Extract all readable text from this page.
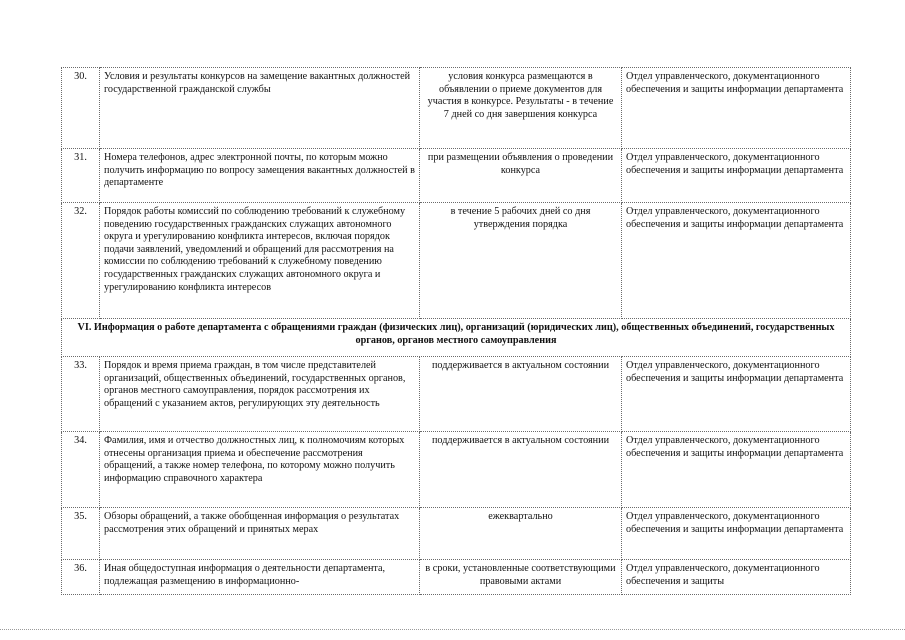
30.	Условия и результаты конкурсов на замещение вакантных должностей государственной гражданской службы	условия конкурса размещаются в объявлении о приеме документов для участия в конкурсе. Результаты - в течение 7 дней со дня завершения конкурса	Отдел управленческого, документационного обеспечения и защиты информации департамента
31.	Номера телефонов, адрес электронной почты, по которым можно получить информацию по вопросу замещения вакантных должностей в департаменте	при размещении объявления о проведении конкурса	Отдел управленческого, документационного обеспечения и защиты информации департамента
32.	Порядок работы комиссий по соблюдению требований к служебному поведению государственных гражданских служащих автономного округа и урегулированию конфликта интересов, включая порядок подачи заявлений, уведомлений и обращений для рассмотрения на комиссии по соблюдению требований к служебному поведению государственных гражданских служащих автономного округа и урегулированию конфликта интересов	в течение 5 рабочих дней со дня утверждения порядка	Отдел управленческого, документационного обеспечения и защиты информации департамента
VI. Информация о работе департамента с обращениями граждан (физических лиц), организаций (юридических лиц), общественных объединений, государственных органов, органов местного самоуправления			
33.	Порядок и время приема граждан, в том числе представителей организаций, общественных объединений, государственных органов, органов местного самоуправления, порядок рассмотрения их обращений с указанием актов, регулирующих эту деятельность	поддерживается в актуальном состоянии	Отдел управленческого, документационного обеспечения и защиты информации департамента
34.	Фамилия, имя и отчество должностных лиц, к полномочиям которых отнесены организация приема и обеспечение рассмотрения обращений, а также номер телефона, по которому можно получить информацию справочного характера	поддерживается в актуальном состоянии	Отдел управленческого, документационного обеспечения и защиты информации департамента
35.	Обзоры обращений, а также обобщенная информация о результатах рассмотрения этих обращений и принятых мерах	ежеквартально	Отдел управленческого, документационного обеспечения и защиты информации департамента
36.	Иная общедоступная информация о деятельности департамента, подлежащая размещению в информационно-	в сроки, установленные соответствующими правовыми актами	Отдел управленческого, документационного обеспечения и защиты
